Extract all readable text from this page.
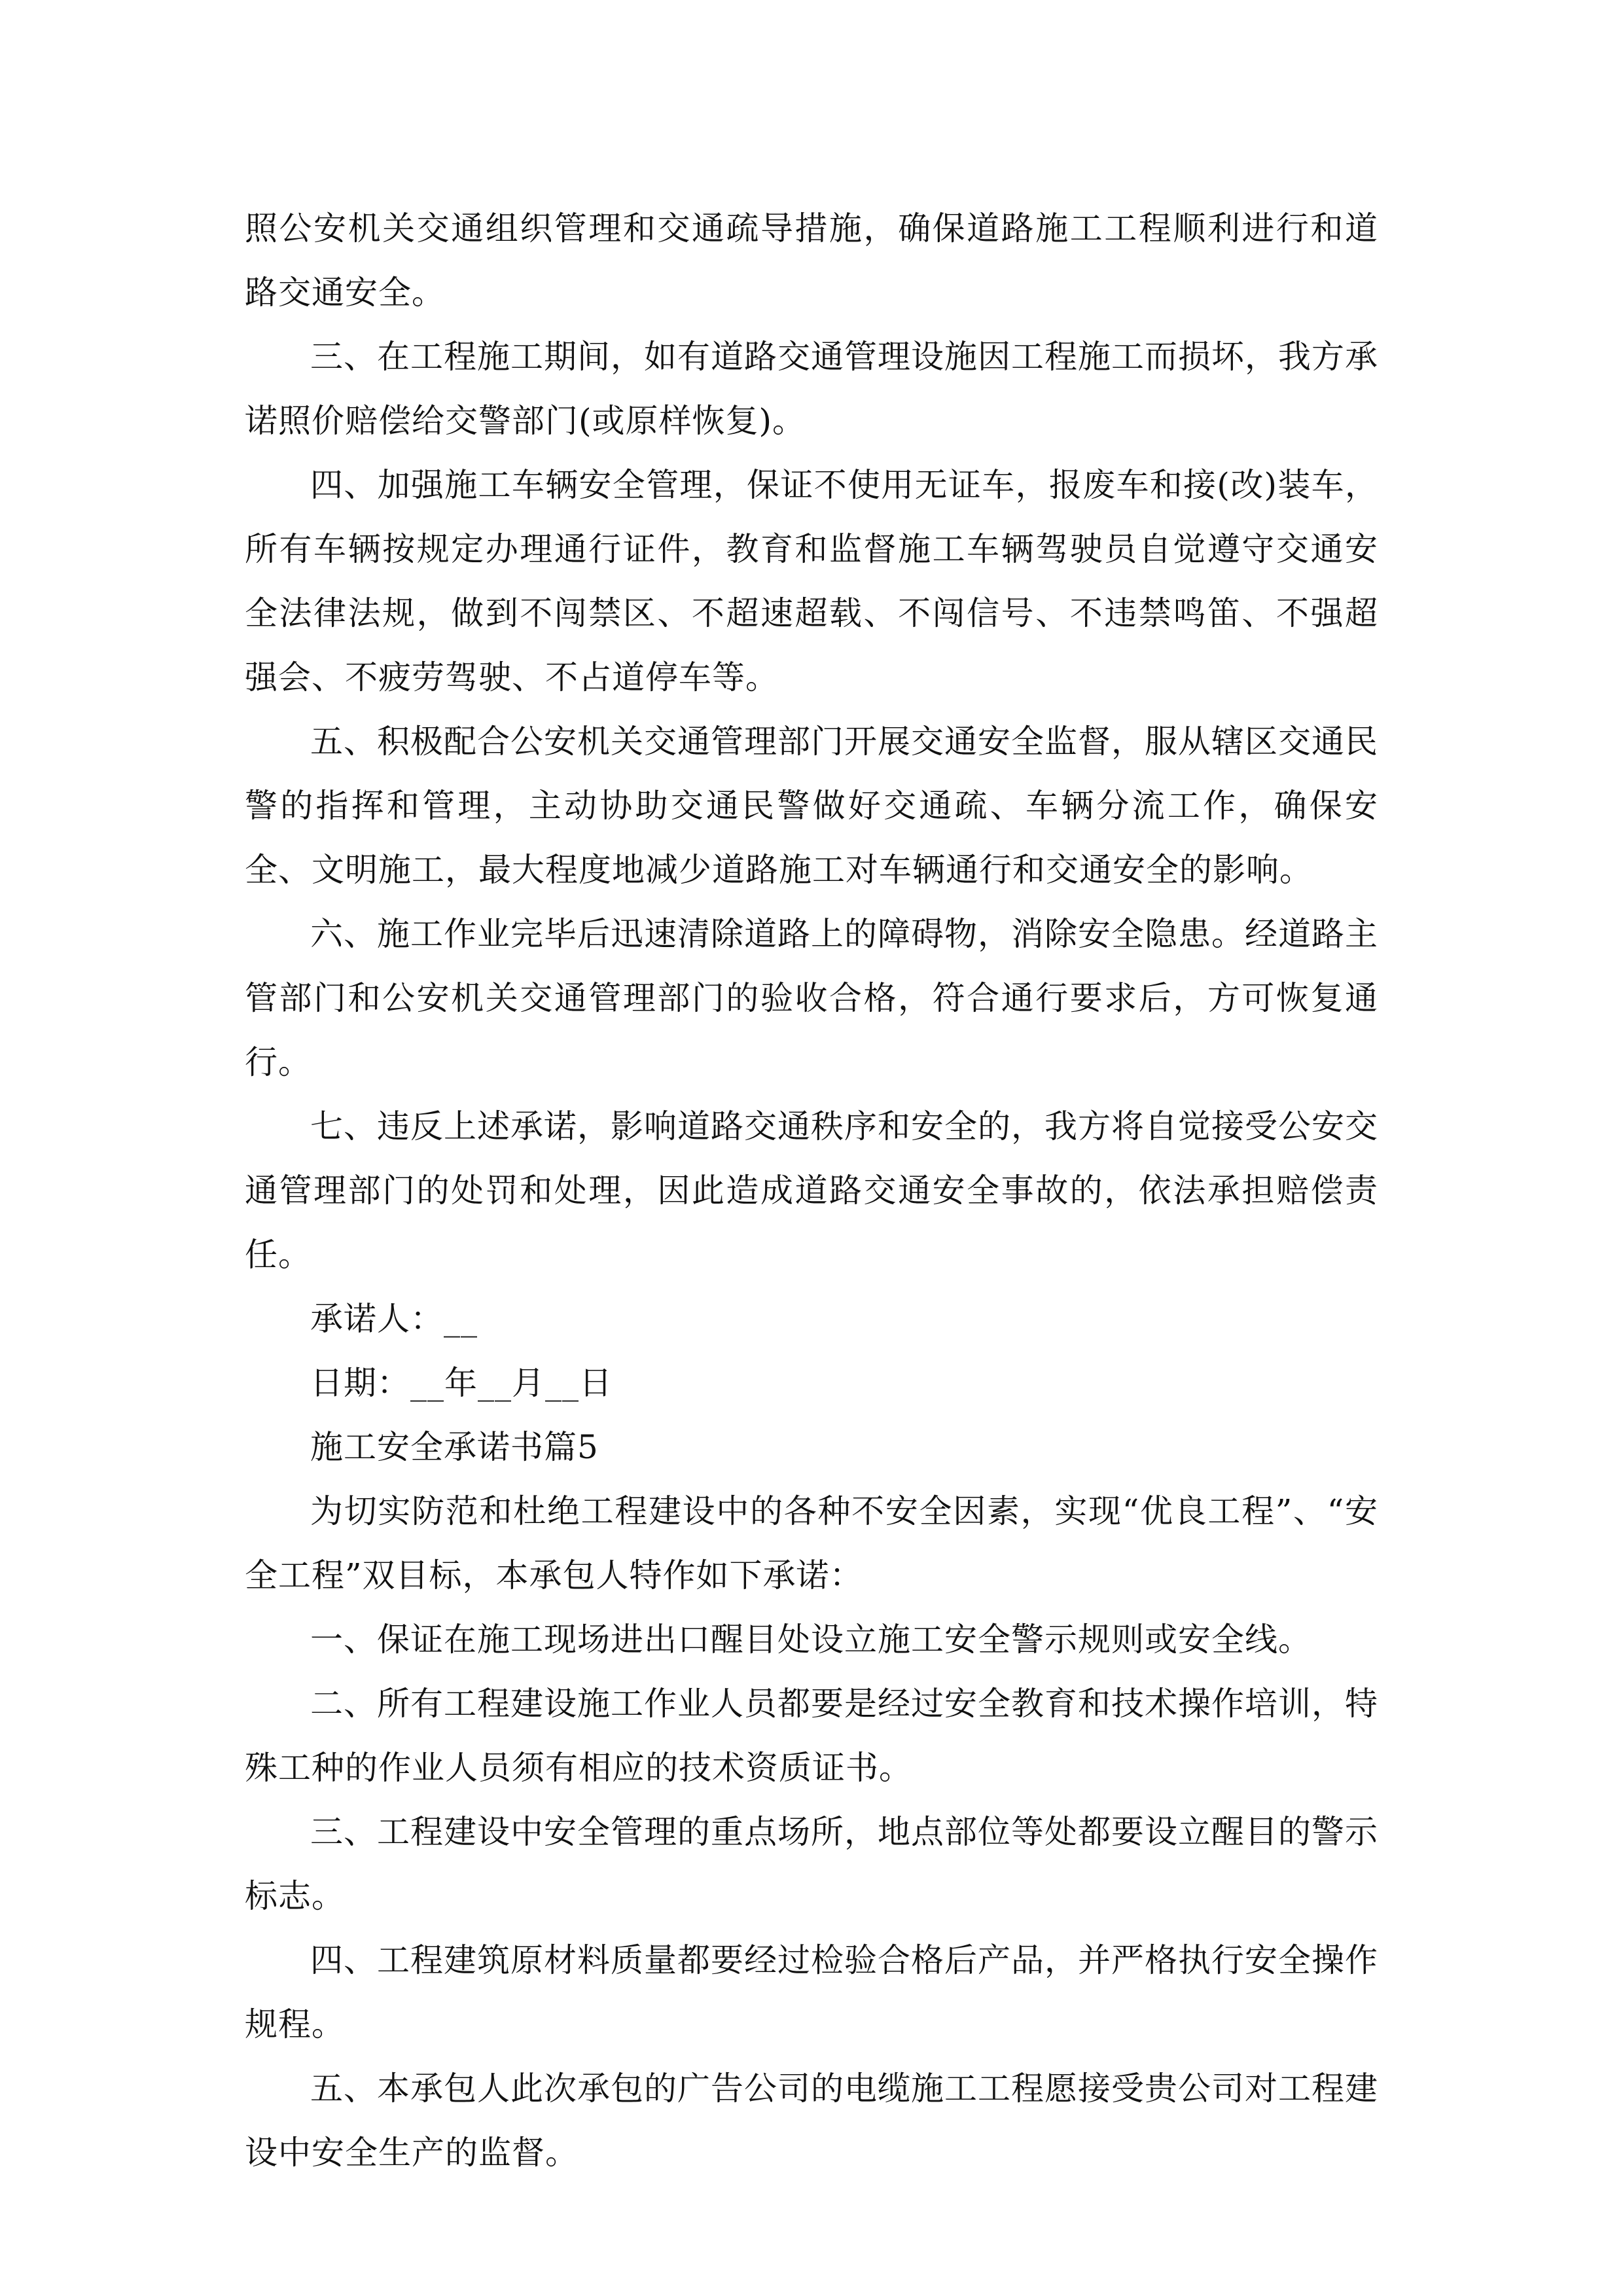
照公安机关交通组织管理和交通疏导措施，确保道路施工工程顺利进行和道路交通安全。

三、在工程施工期间，如有道路交通管理设施因工程施工而损坏，我方承诺照价赔偿给交警部门(或原样恢复)。

四、加强施工车辆安全管理，保证不使用无证车，报废车和接(改)装车，所有车辆按规定办理通行证件，教育和监督施工车辆驾驶员自觉遵守交通安全法律法规，做到不闯禁区、不超速超载、不闯信号、不违禁鸣笛、不强超强会、不疲劳驾驶、不占道停车等。

五、积极配合公安机关交通管理部门开展交通安全监督，服从辖区交通民警的指挥和管理，主动协助交通民警做好交通疏、车辆分流工作，确保安全、文明施工，最大程度地减少道路施工对车辆通行和交通安全的影响。

六、施工作业完毕后迅速清除道路上的障碍物，消除安全隐患。经道路主管部门和公安机关交通管理部门的验收合格，符合通行要求后，方可恢复通行。

七、违反上述承诺，影响道路交通秩序和安全的，我方将自觉接受公安交通管理部门的处罚和处理，因此造成道路交通安全事故的，依法承担赔偿责任。

承诺人：__

日期：__年__月__日

施工安全承诺书篇5

为切实防范和杜绝工程建设中的各种不安全因素，实现“优良工程”、“安全工程”双目标，本承包人特作如下承诺：

一、保证在施工现场进出口醒目处设立施工安全警示规则或安全线。

二、所有工程建设施工作业人员都要是经过安全教育和技术操作培训，特殊工种的作业人员须有相应的技术资质证书。

三、工程建设中安全管理的重点场所，地点部位等处都要设立醒目的警示标志。

四、工程建筑原材料质量都要经过检验合格后产品，并严格执行安全操作规程。

五、本承包人此次承包的广告公司的电缆施工工程愿接受贵公司对工程建设中安全生产的监督。
